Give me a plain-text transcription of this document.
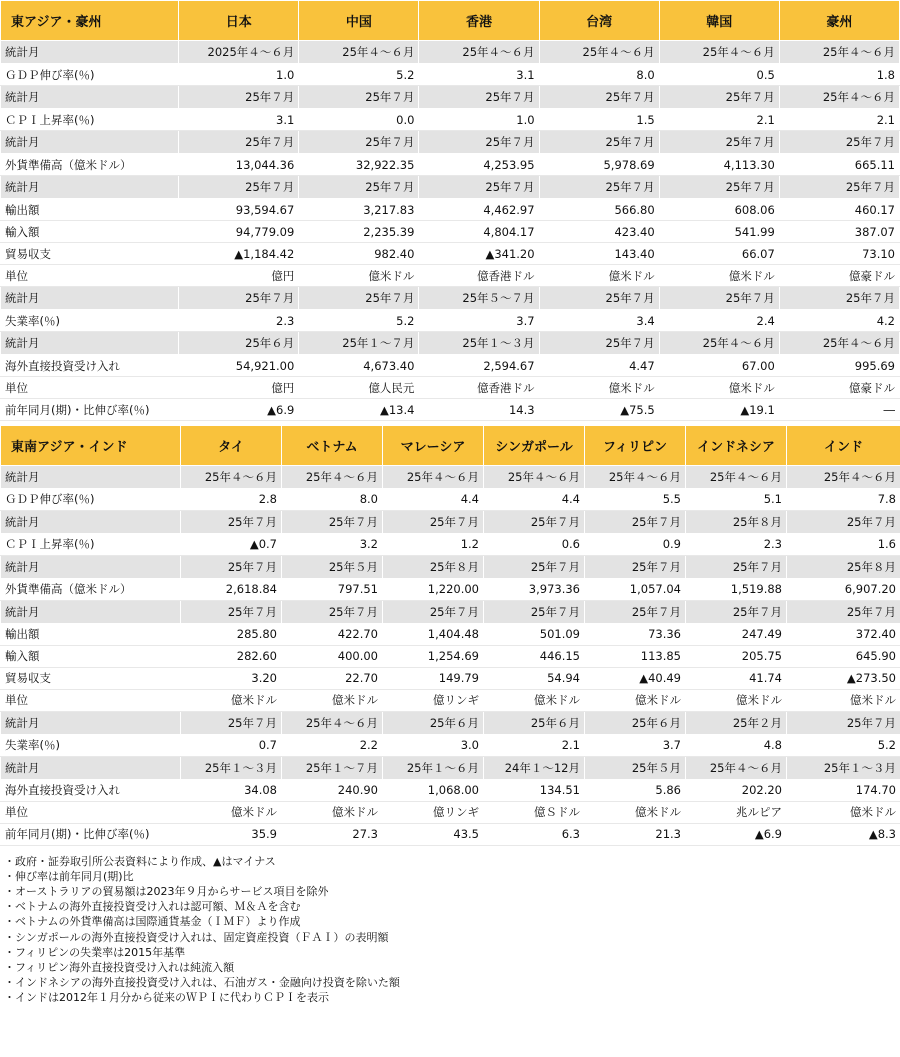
東アジア・豪州	日本	中国	香港	台湾	韓国	豪州
統計月	2025年４～６月	25年４～６月	25年４～６月	25年４～６月	25年４～６月	25年４～６月
ＧＤＰ伸び率(％)	1.0	5.2	3.1	8.0	0.5	1.8
統計月	25年７月	25年７月	25年７月	25年７月	25年７月	25年４～６月
ＣＰＩ上昇率(％)	3.1	0.0	1.0	1.5	2.1	2.1
統計月	25年７月	25年７月	25年７月	25年７月	25年７月	25年７月
外貨準備高（億米ドル）	13,044.36	32,922.35	4,253.95	5,978.69	4,113.30	665.11
統計月	25年７月	25年７月	25年７月	25年７月	25年７月	25年７月
輸出額	93,594.67	3,217.83	4,462.97	566.80	608.06	460.17
輸入額	94,779.09	2,235.39	4,804.17	423.40	541.99	387.07
貿易収支	▲1,184.42	982.40	▲341.20	143.40	66.07	73.10
単位	億円	億米ドル	億香港ドル	億米ドル	億米ドル	億豪ドル
統計月	25年７月	25年７月	25年５～７月	25年７月	25年７月	25年７月
失業率(％)	2.3	5.2	3.7	3.4	2.4	4.2
統計月	25年６月	25年１～７月	25年１～３月	25年７月	25年４～６月	25年４～６月
海外直接投資受け入れ	54,921.00	4,673.40	2,594.67	4.47	67.00	995.69
単位	億円	億人民元	億香港ドル	億米ドル	億米ドル	億豪ドル
前年同月(期)・比伸び率(％)	▲6.9	▲13.4	14.3	▲75.5	▲19.1	―

東南アジア・インド	タイ	ベトナム	マレーシア	シンガポール	フィリピン	インドネシア	インド
統計月	25年４～６月	25年４～６月	25年４～６月	25年４～６月	25年４～６月	25年４～６月	25年４～６月
ＧＤＰ伸び率(％)	2.8	8.0	4.4	4.4	5.5	5.1	7.8
統計月	25年７月	25年７月	25年７月	25年７月	25年７月	25年８月	25年７月
ＣＰＩ上昇率(％)	▲0.7	3.2	1.2	0.6	0.9	2.3	1.6
統計月	25年７月	25年５月	25年８月	25年７月	25年７月	25年７月	25年８月
外貨準備高（億米ドル）	2,618.84	797.51	1,220.00	3,973.36	1,057.04	1,519.88	6,907.20
統計月	25年７月	25年７月	25年７月	25年７月	25年７月	25年７月	25年７月
輸出額	285.80	422.70	1,404.48	501.09	73.36	247.49	372.40
輸入額	282.60	400.00	1,254.69	446.15	113.85	205.75	645.90
貿易収支	3.20	22.70	149.79	54.94	▲40.49	41.74	▲273.50
単位	億米ドル	億米ドル	億リンギ	億米ドル	億米ドル	億米ドル	億米ドル
統計月	25年７月	25年４～６月	25年６月	25年６月	25年６月	25年２月	25年７月
失業率(％)	0.7	2.2	3.0	2.1	3.7	4.8	5.2
統計月	25年１～３月	25年１～７月	25年１～６月	24年１～12月	25年５月	25年４～６月	25年１～３月
海外直接投資受け入れ	34.08	240.90	1,068.00	134.51	5.86	202.20	174.70
単位	億米ドル	億米ドル	億リンギ	億Ｓドル	億米ドル	兆ルピア	億米ドル
前年同月(期)・比伸び率(％)	35.9	27.3	43.5	6.3	21.3	▲6.9	▲8.3
・政府・証券取引所公表資料により作成、▲はマイナス
・伸び率は前年同月(期)比
・オーストラリアの貿易額は2023年９月からサービス項目を除外
・ベトナムの海外直接投資受け入れは認可額、Ｍ＆Ａを含む
・ベトナムの外貨準備高は国際通貨基金（ＩＭＦ）より作成
・シンガポールの海外直接投資受け入れは、固定資産投資（ＦＡＩ）の表明額
・フィリピンの失業率は2015年基準
・フィリピン海外直接投資受け入れは純流入額
・インドネシアの海外直接投資受け入れは、石油ガス・金融向け投資を除いた額
・インドは2012年１月分から従来のＷＰＩに代わりＣＰＩを表示
